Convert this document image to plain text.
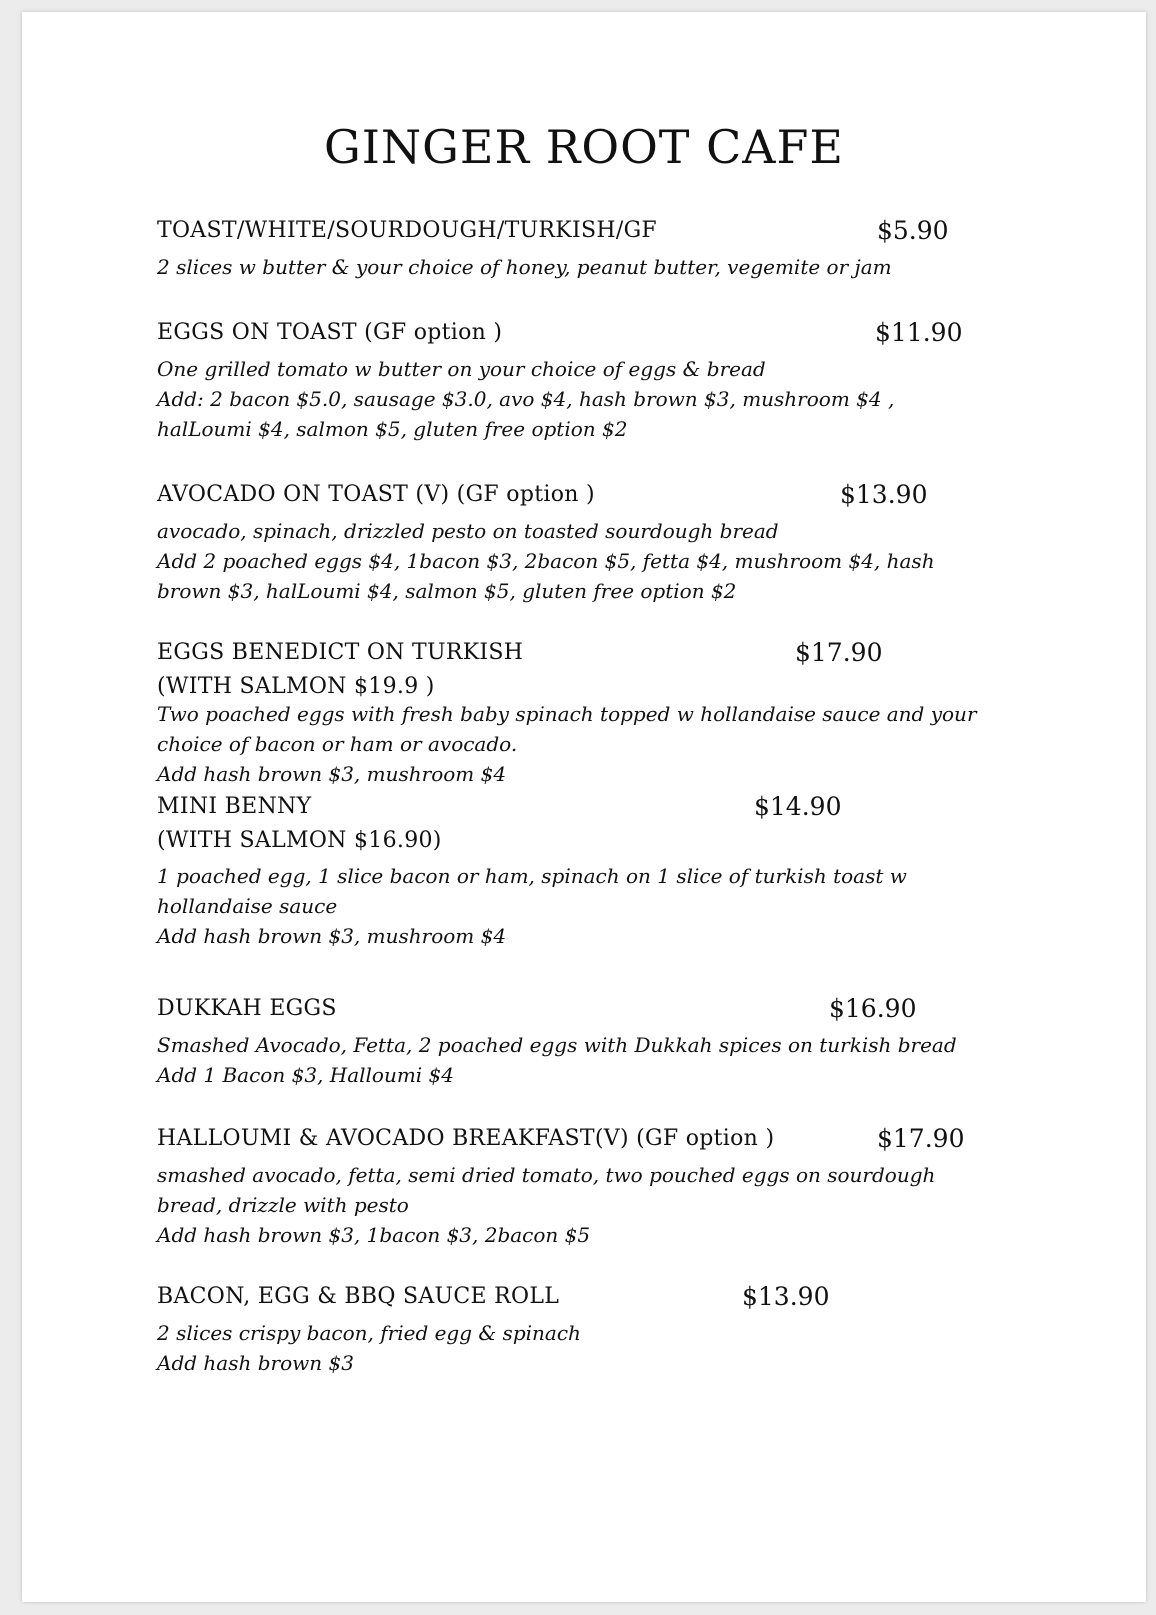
GINGER ROOT CAFE
TOAST/WHITE/SOURDOUGH/TURKISH/GF	$5.90
2 slices w butter & your choice of honey, peanut butter, vegemite or jam
EGGS ON TOAST (GF option )	$11.90
One grilled tomato w butter on your choice of eggs & bread
Add: 2 bacon $5.0, sausage $3.0, avo $4, hash brown $3, mushroom $4 ,
halLoumi $4, salmon $5, gluten free option $2
AVOCADO ON TOAST (V) (GF option )	$13.90
avocado, spinach, drizzled pesto on toasted sourdough bread
Add 2 poached eggs $4, 1bacon $3, 2bacon $5, fetta $4, mushroom $4, hash
brown $3, halLoumi $4, salmon $5, gluten free option $2
EGGS BENEDICT ON TURKISH	$17.90
(WITH SALMON $19.9 )
Two poached eggs with fresh baby spinach topped w hollandaise sauce and your
choice of bacon or ham or avocado.
Add hash brown $3, mushroom $4
MINI BENNY	$14.90
(WITH SALMON $16.90)
1 poached egg, 1 slice bacon or ham, spinach on 1 slice of turkish toast w
hollandaise sauce
Add hash brown $3, mushroom $4
DUKKAH EGGS	$16.90
Smashed Avocado, Fetta, 2 poached eggs with Dukkah spices on turkish bread
Add 1 Bacon $3, Halloumi $4
HALLOUMI & AVOCADO BREAKFAST(V) (GF option )	$17.90
smashed avocado, fetta, semi dried tomato, two pouched eggs on sourdough
bread, drizzle with pesto
Add hash brown $3, 1bacon $3, 2bacon $5
BACON, EGG & BBQ SAUCE ROLL	$13.90
2 slices crispy bacon, fried egg & spinach
Add hash brown $3
